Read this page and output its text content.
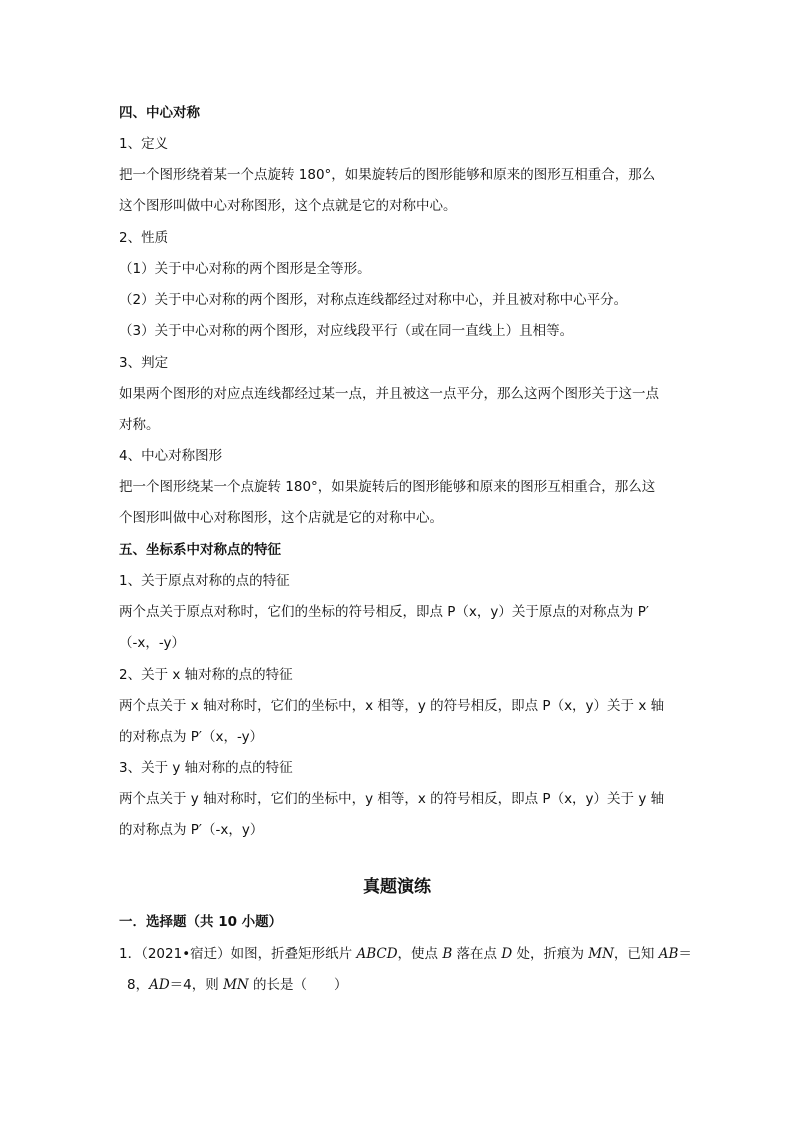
四、中心对称
1、定义
把一个图形绕着某一个点旋转 180°，如果旋转后的图形能够和原来的图形互相重合，那么
这个图形叫做中心对称图形，这个点就是它的对称中心。
2、性质
（1）关于中心对称的两个图形是全等形。
（2）关于中心对称的两个图形，对称点连线都经过对称中心，并且被对称中心平分。
（3）关于中心对称的两个图形，对应线段平行（或在同一直线上）且相等。
3、判定
如果两个图形的对应点连线都经过某一点，并且被这一点平分，那么这两个图形关于这一点
对称。
4、中心对称图形
把一个图形绕某一个点旋转 180°，如果旋转后的图形能够和原来的图形互相重合，那么这
个图形叫做中心对称图形，这个店就是它的对称中心。
五、坐标系中对称点的特征
1、关于原点对称的点的特征
两个点关于原点对称时，它们的坐标的符号相反，即点 P（x，y）关于原点的对称点为 P′
（-x，-y）
2、关于 x 轴对称的点的特征
两个点关于 x 轴对称时，它们的坐标中，x 相等，y 的符号相反，即点 P（x，y）关于 x 轴
的对称点为 P′（x，-y）
3、关于 y 轴对称的点的特征
两个点关于 y 轴对称时，它们的坐标中，y 相等，x 的符号相反，即点 P（x，y）关于 y 轴
的对称点为 P′（-x，y）
真题演练
一．选择题（共 10 小题）
1．（2021•宿迁）如图，折叠矩形纸片 ABCD，使点 B 落在点 D 处，折痕为 MN，已知 AB＝
8，AD＝4，则 MN 的长是（　　）
